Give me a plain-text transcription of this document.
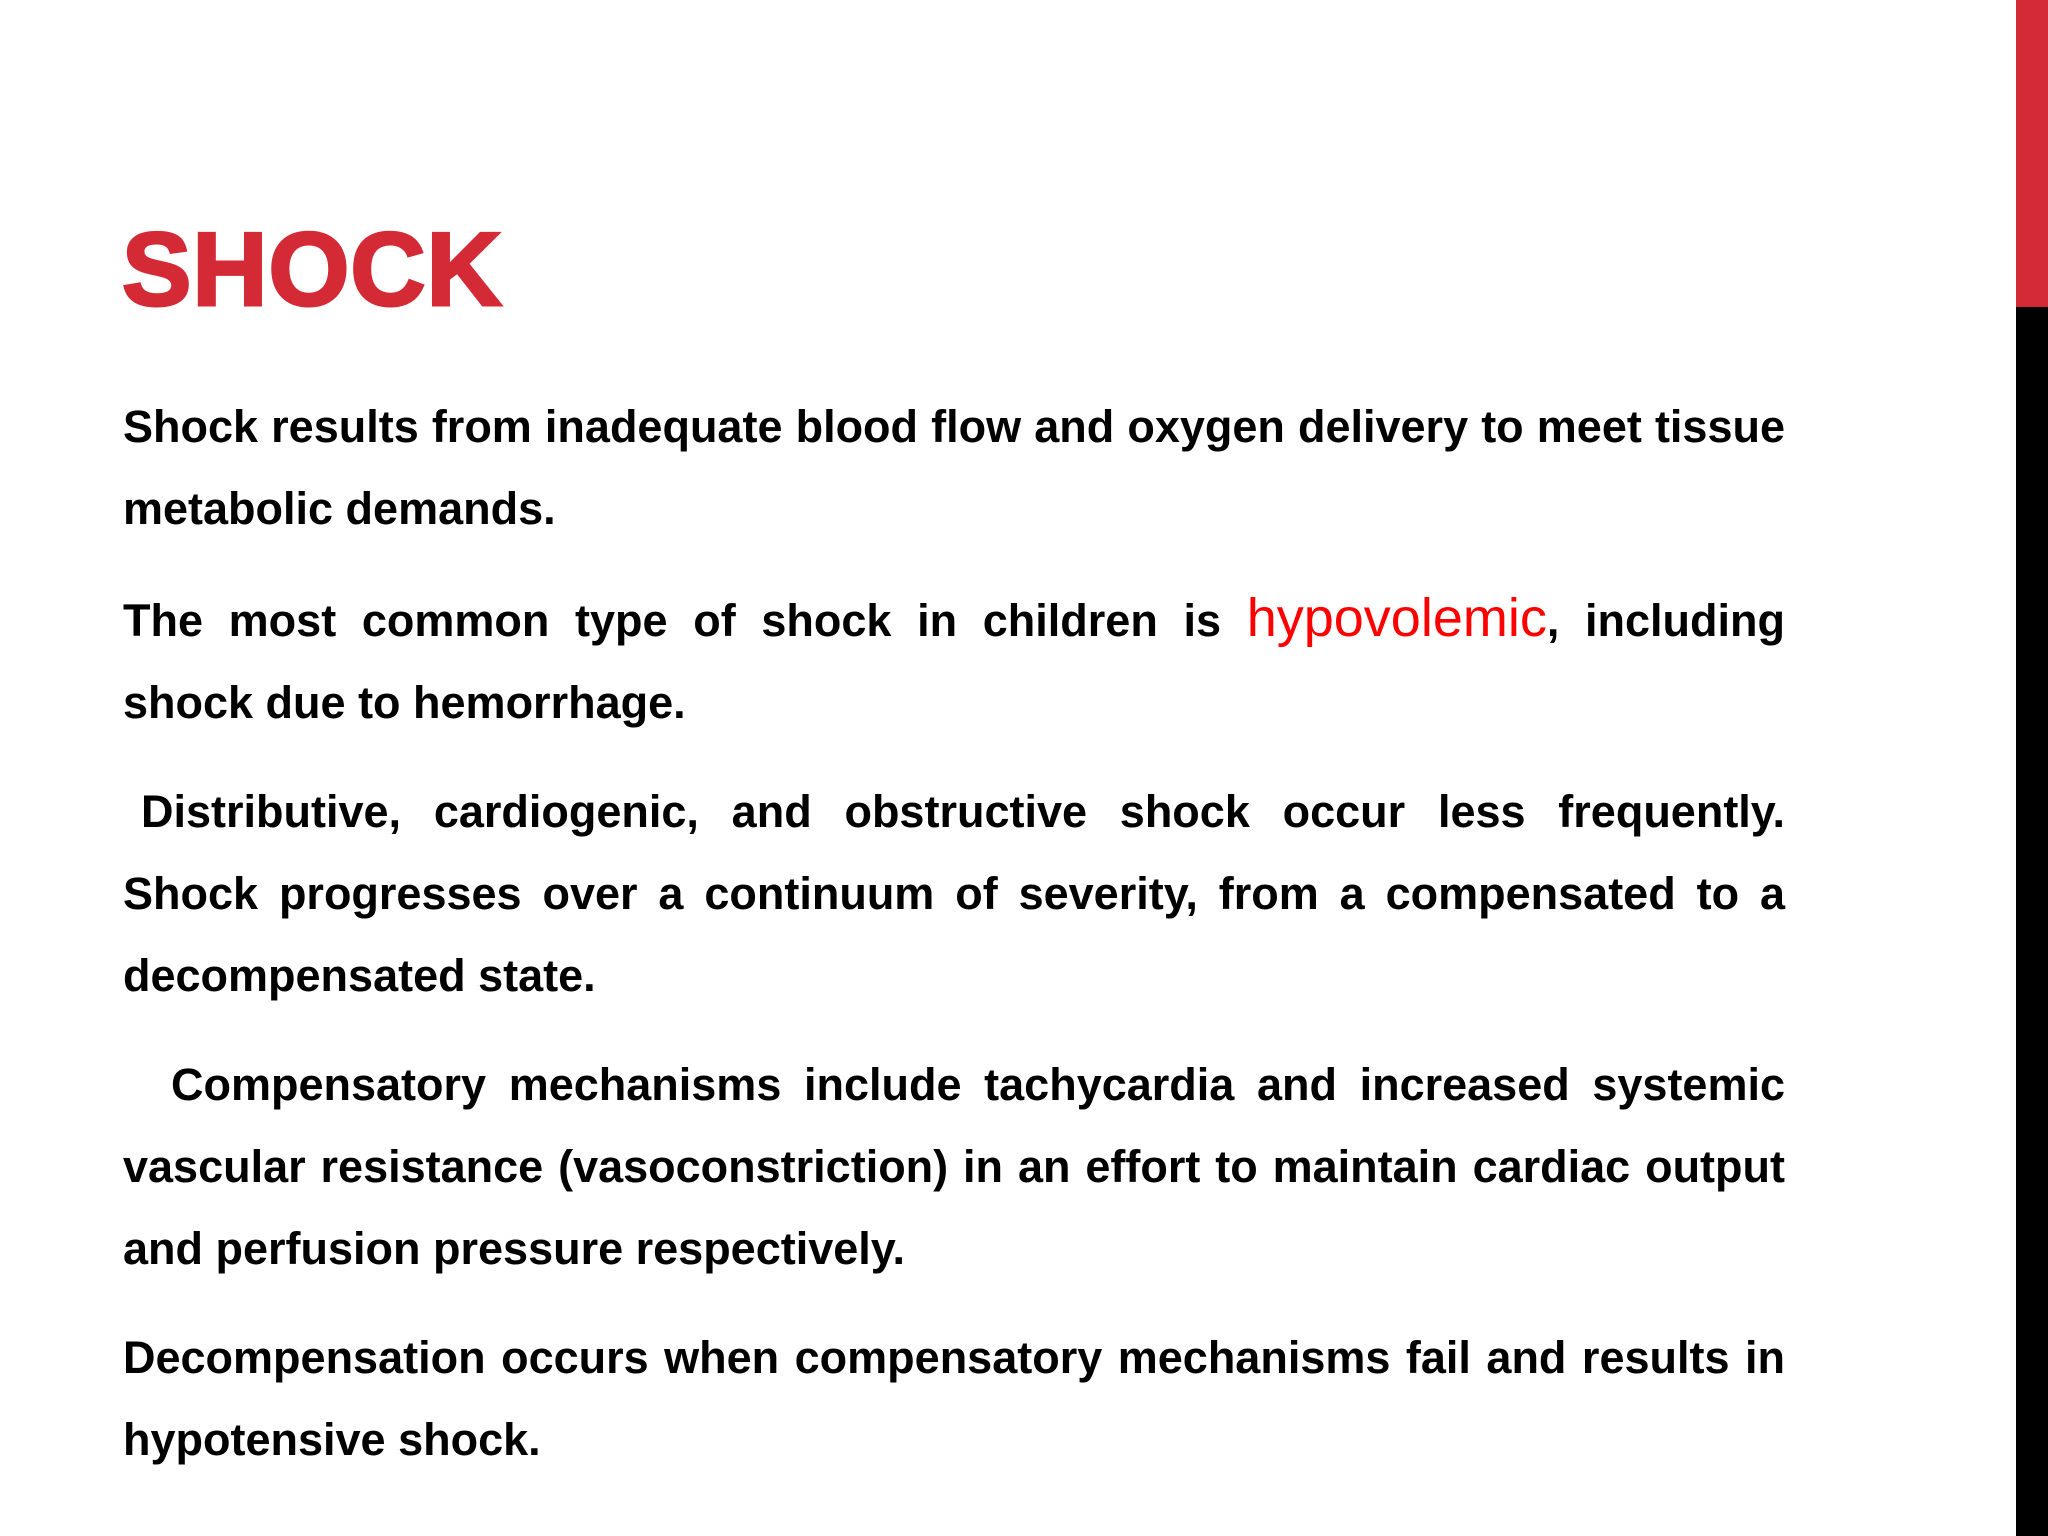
SHOCK

Shock results from inadequate blood flow and oxygen delivery to meet tissue metabolic demands.

The most common type of shock in children is hypovolemic, including shock due to hemorrhage.

Distributive, cardiogenic, and obstructive shock occur less frequently. Shock progresses over a continuum of severity, from a compensated to a decompensated state.

Compensatory mechanisms include tachycardia and increased systemic vascular resistance (vasoconstriction) in an effort to maintain cardiac output and perfusion pressure respectively.

Decompensation occurs when compensatory mechanisms fail and results in hypotensive shock.
